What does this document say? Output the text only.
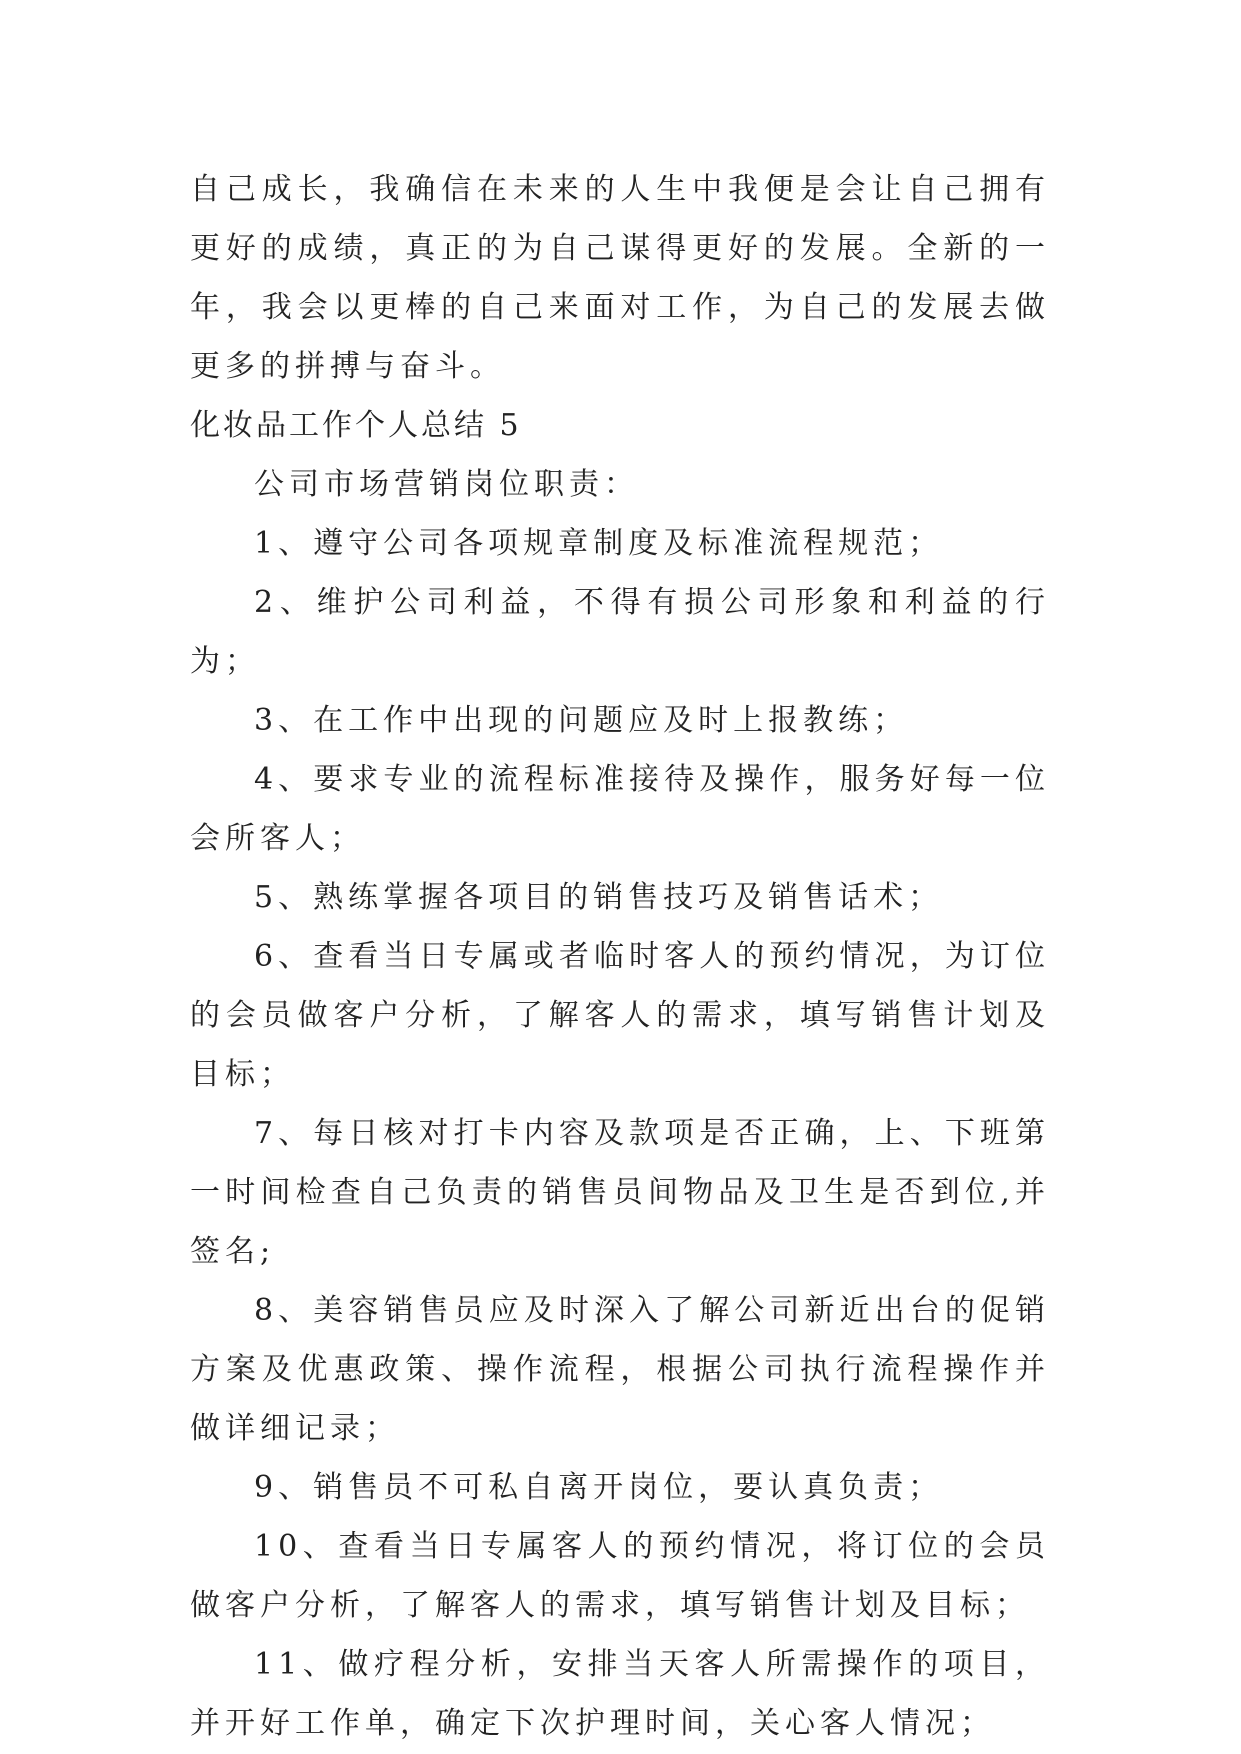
自己成长，我确信在未来的人生中我便是会让自己拥有更好的成绩，真正的为自己谋得更好的发展。全新的一年，我会以更棒的自己来面对工作，为自己的发展去做更多的拼搏与奋斗。

化妆品工作个人总结 5

公司市场营销岗位职责：

1、遵守公司各项规章制度及标准流程规范；

2、维护公司利益，不得有损公司形象和利益的行为；

3、在工作中出现的问题应及时上报教练；

4、要求专业的流程标准接待及操作，服务好每一位会所客人；

5、熟练掌握各项目的销售技巧及销售话术；

6、查看当日专属或者临时客人的预约情况，为订位的会员做客户分析，了解客人的需求，填写销售计划及目标；

7、每日核对打卡内容及款项是否正确，上、下班第一时间检查自己负责的销售员间物品及卫生是否到位,并签名;

8、美容销售员应及时深入了解公司新近出台的促销方案及优惠政策、操作流程，根据公司执行流程操作并做详细记录；

9、销售员不可私自离开岗位，要认真负责；

10、查看当日专属客人的预约情况，将订位的会员做客户分析，了解客人的需求，填写销售计划及目标；

11、做疗程分析，安排当天客人所需操作的项目，并开好工作单，确定下次护理时间，关心客人情况；
